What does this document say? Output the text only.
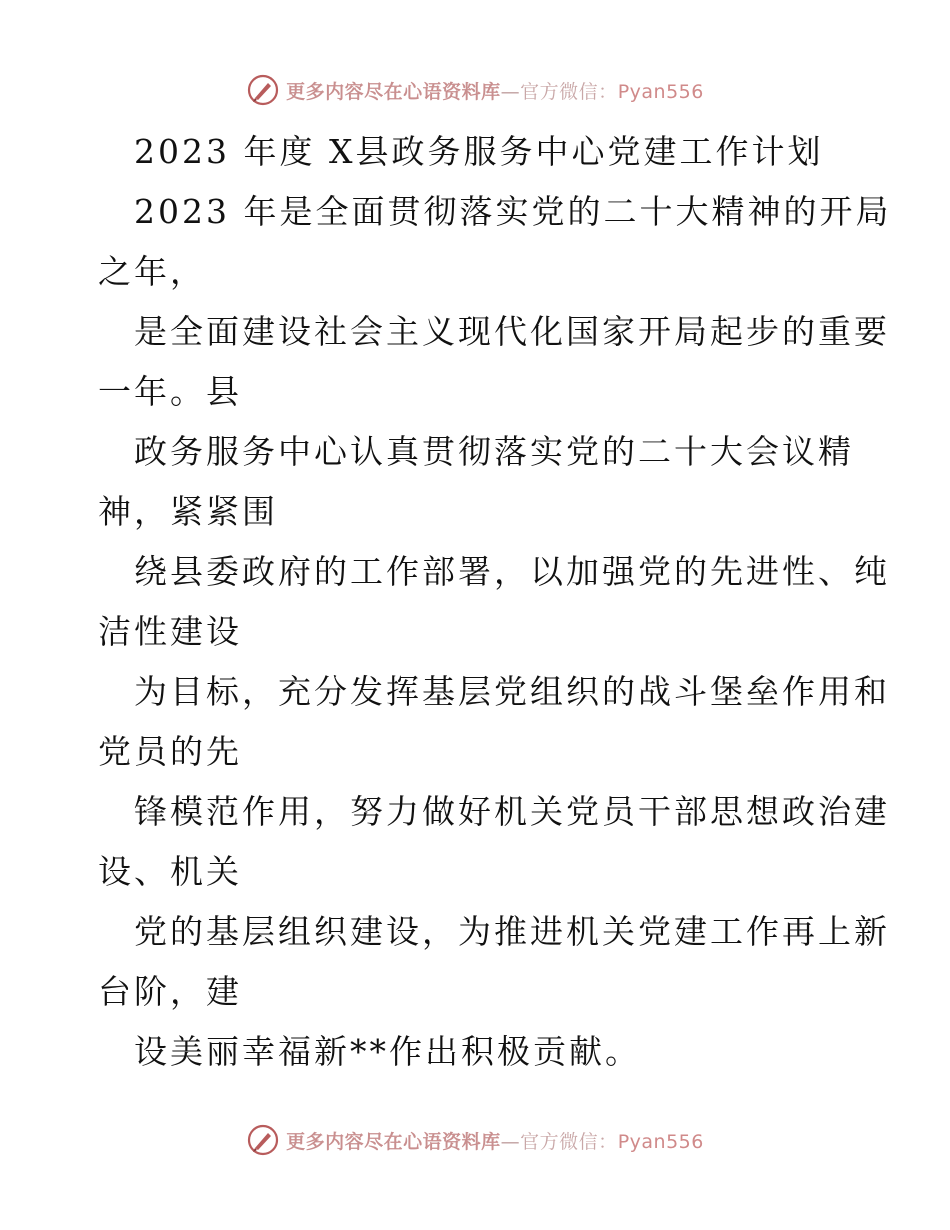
更多内容尽在心语资料库—官方微信：Pyan556
2023 年度 X县政务服务中心党建工作计划
2023 年是全面贯彻落实党的二十大精神的开局
之年，
是全面建设社会主义现代化国家开局起步的重要
一年。县
政务服务中心认真贯彻落实党的二十大会议精
神，紧紧围
绕县委政府的工作部署，以加强党的先进性、纯
洁性建设
为目标，充分发挥基层党组织的战斗堡垒作用和
党员的先
锋模范作用，努力做好机关党员干部思想政治建
设、机关
党的基层组织建设，为推进机关党建工作再上新
台阶，建
设美丽幸福新**作出积极贡献。
更多内容尽在心语资料库—官方微信：Pyan556
